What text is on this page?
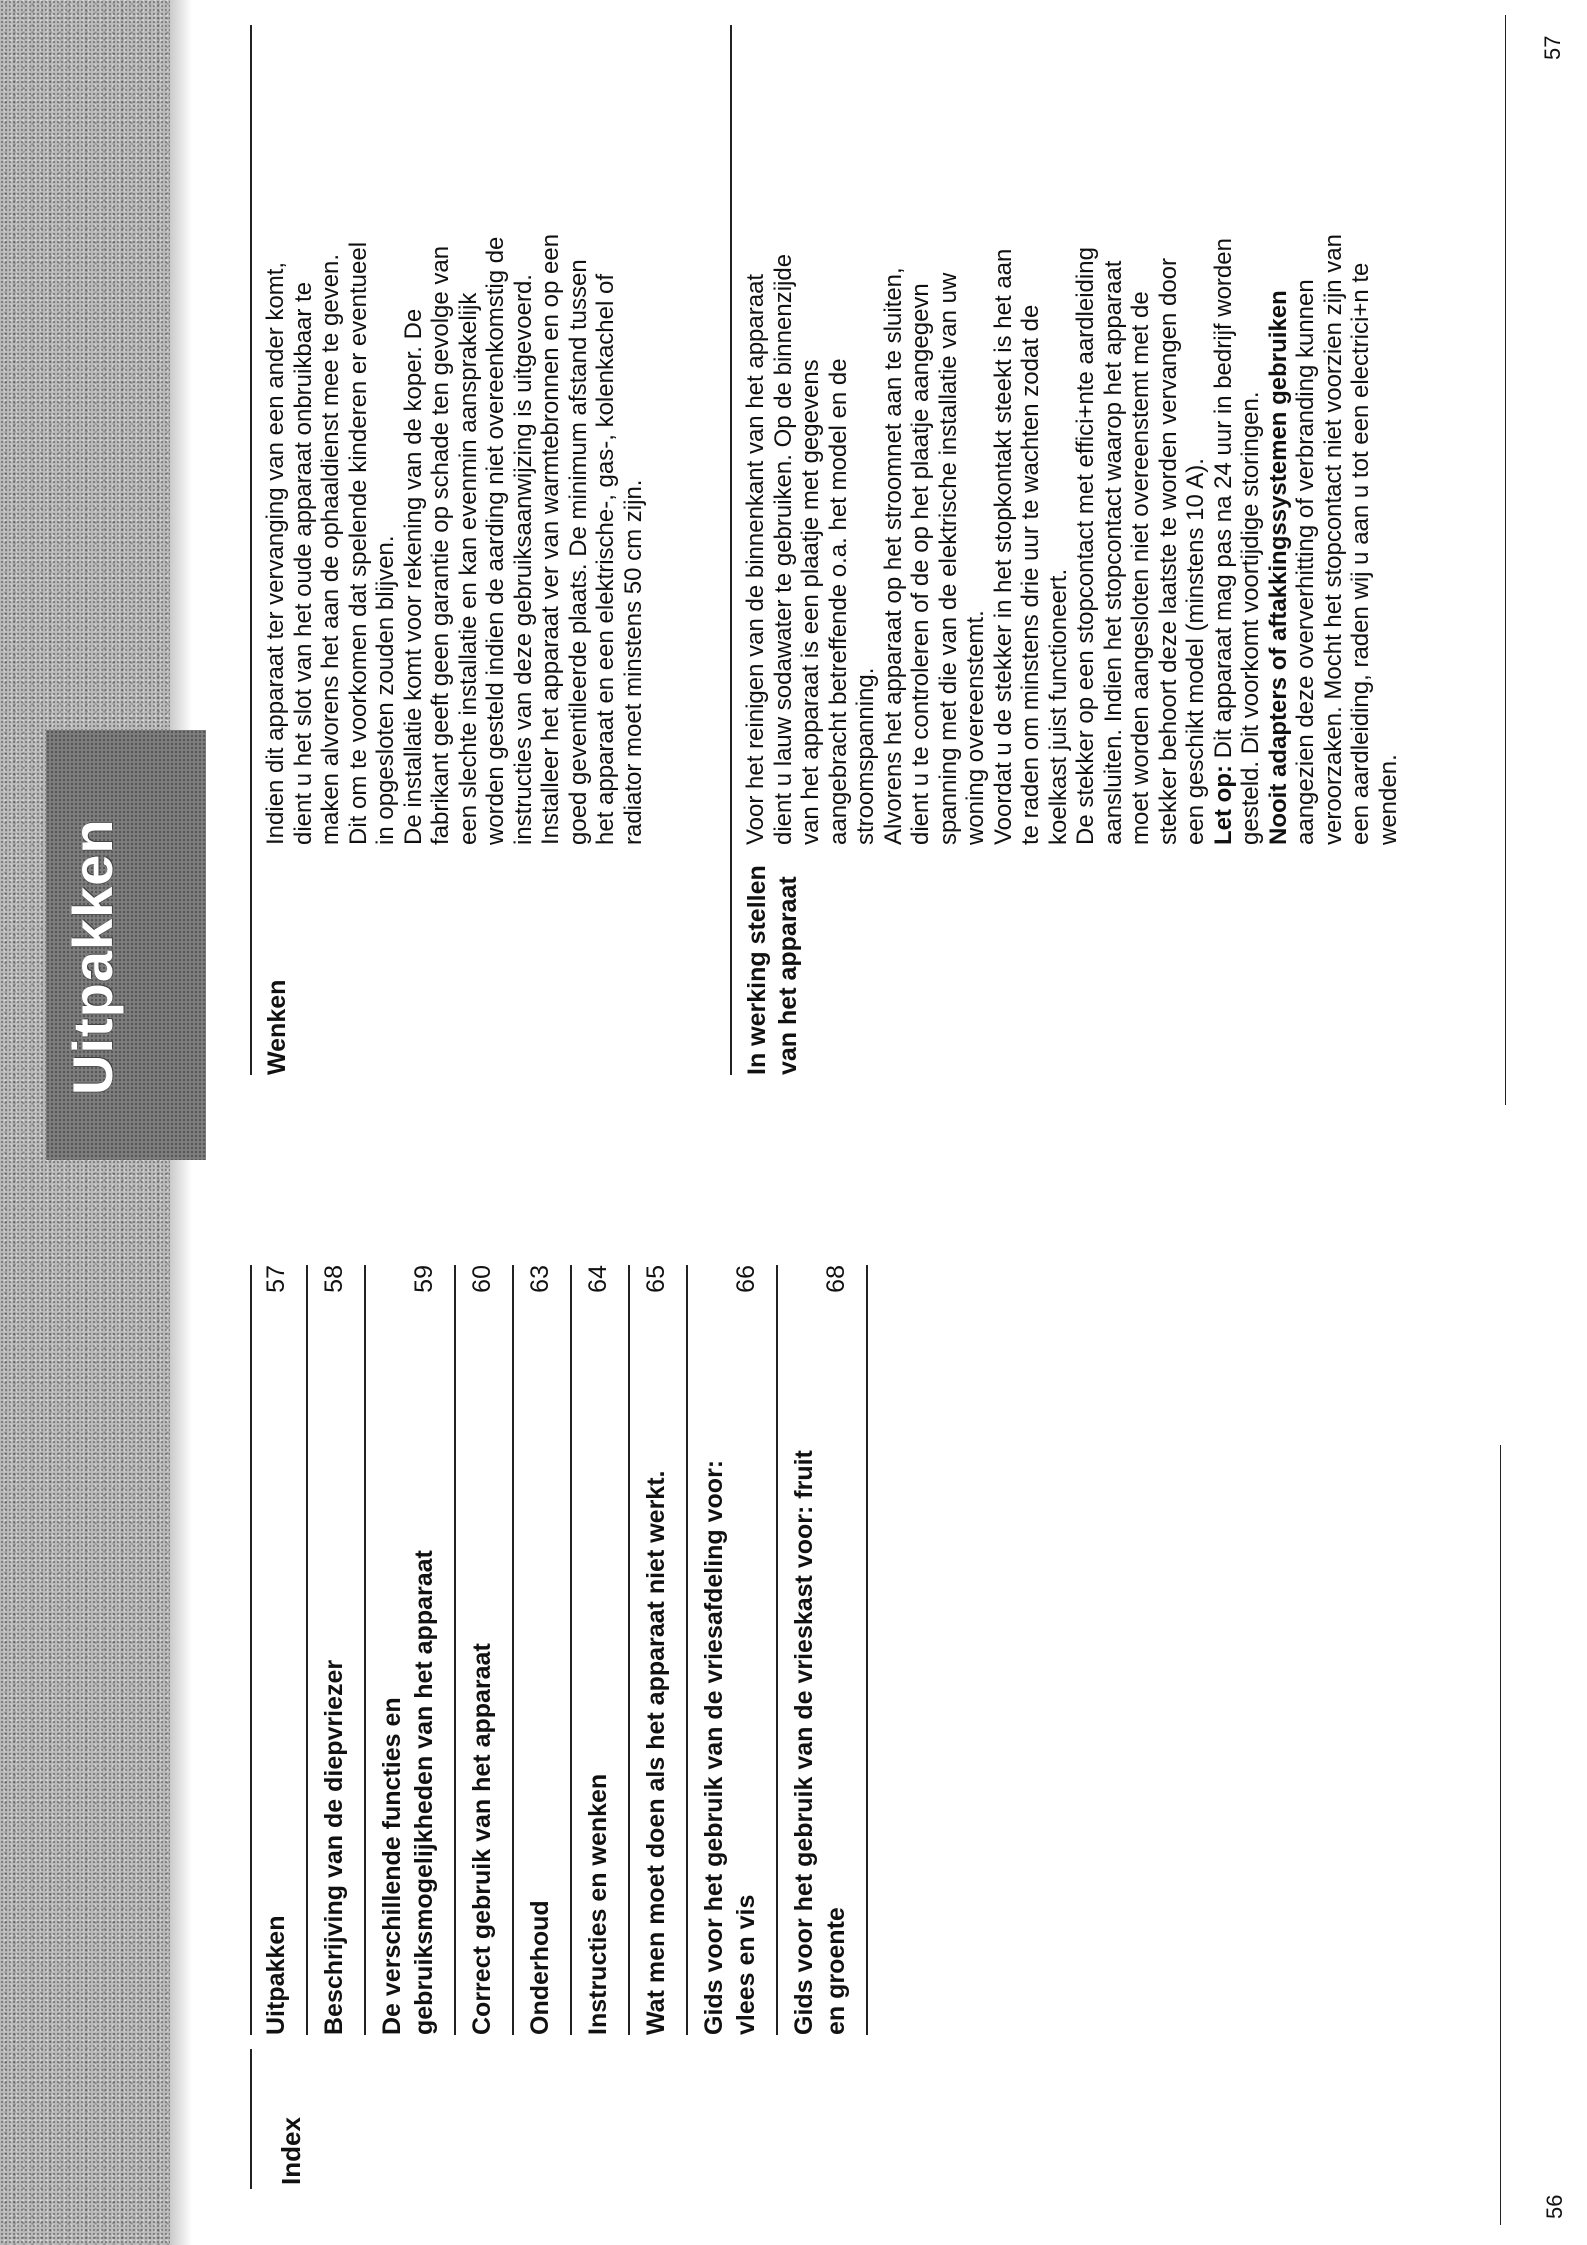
Uitpakken
Index
Uitpakken
57
Beschrijving van de diepvriezer
58
De verschillende functies en gebruiksmogelijkheden van het apparaat
59
Correct gebruik van het apparaat
60
Onderhoud
63
Instructies en wenken
64
Wat men moet doen als het apparaat niet werkt.
65
Gids voor het gebruik van de vriesafdeling voor: vlees en vis
66
Gids voor het gebruik van de vrieskast voor: fruit en groente
68
56
Wenken

Indien dit apparaat ter vervanging van een ander komt, dient u het slot van het oude apparaat onbruikbaar te maken alvorens het aan de ophaaldienst mee te geven. Dit om te voorkomen dat spelende kinderen er eventueel in opgesloten zouden blijven. De installatie komt voor rekening van de koper. De fabrikant geeft geen garantie op schade ten gevolge van een slechte installatie en kan evenmin aansprakelijk worden gesteld indien de aarding niet overeenkomstig de instructies van deze gebruiksaanwijzing is uitgevoerd. Installeer het apparaat ver van warmtebronnen en op een goed geventileerde plaats. De minimum afstand tussen het apparaat en een elektrische-, gas-, kolenkachel of radiator moet minstens 50 cm zijn.

In werking stellen van het apparaat

Voor het reinigen van de binnenkant van het apparaat dient u lauw sodawater te gebruiken. Op de binnenzijde van het apparaat is een plaatje met gegevens aangebracht betreffende o.a. het model en de stroomspanning. Alvorens het apparaat op het stroomnet aan te sluiten, dient u te controleren of de op het plaatje aangegevn spanning met die van de elektrische installatie van uw woning overeenstemt. Voordat u de stekker in het stopkontakt steekt is het aan te raden om minstens drie uur te wachten zodat de koelkast juist functioneert. De stekker op een stopcontact met effici+nte aardleiding aansluiten. Indien het stopcontact waarop het apparaat moet worden aangesloten niet overeenstemt met de stekker behoort deze laatste te worden vervangen door een geschikt model (minstens 10 A). Let op: Dit apparaat mag pas na 24 uur in bedrijf worden gesteld. Dit voorkomt voortijdige storingen. Nooit adapters of aftakkingssystemen gebruiken aangezien deze oververhitting of verbranding kunnen veroorzaken. Mocht het stopcontact niet voorzien zijn van een aardleiding, raden wij u aan u tot een electrici+n te wenden.

57
